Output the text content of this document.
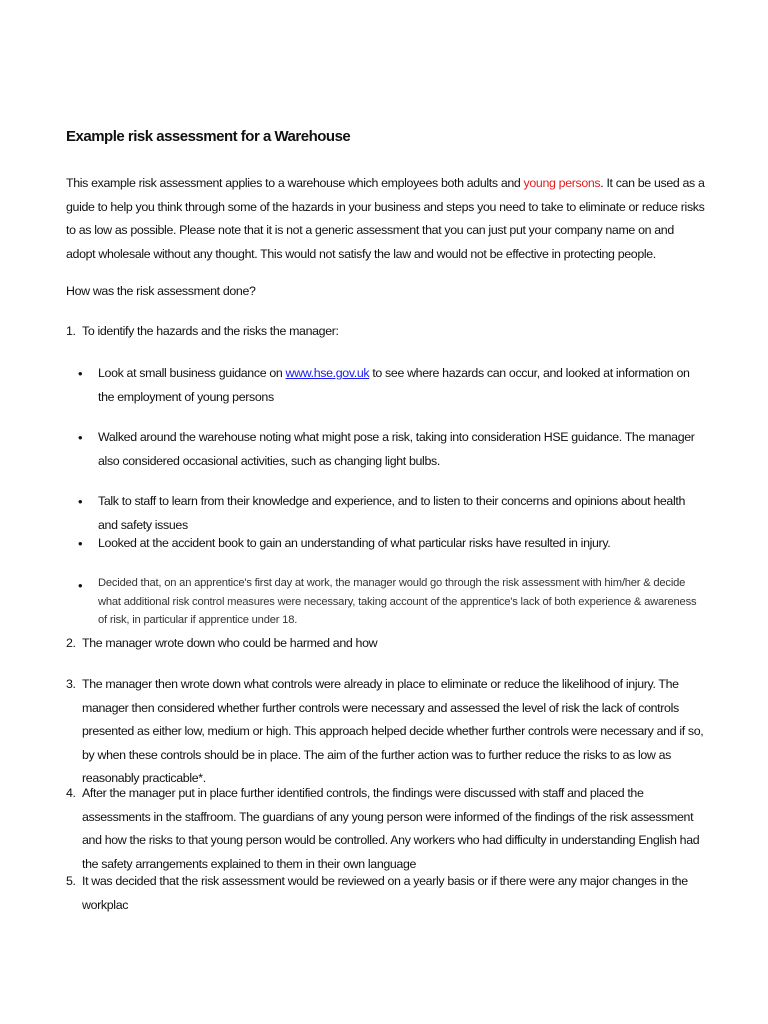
Example risk assessment for a Warehouse
This example risk assessment applies to a warehouse which employees both adults and young persons. It can be used as a guide to help you think through some of the hazards in your business and steps you need to take to eliminate or reduce risks to as low as possible. Please note that it is not a generic assessment that you can just put your company name on and adopt wholesale without any thought. This would not satisfy the law and would not be effective in protecting people.
How was the risk assessment done?
1. To identify the hazards and the risks the manager:
• Look at small business guidance on www.hse.gov.uk to see where hazards can occur, and looked at information on the employment of young persons
• Walked around the warehouse noting what might pose a risk, taking into consideration HSE guidance. The manager also considered occasional activities, such as changing light bulbs.
• Talk to staff to learn from their knowledge and experience, and to listen to their concerns and opinions about health and safety issues
• Looked at the accident book to gain an understanding of what particular risks have resulted in injury.
• Decided that, on an apprentice's first day at work, the manager would go through the risk assessment with him/her & decide what additional risk control measures were necessary, taking account of the apprentice's lack of both experience & awareness of risk, in particular if apprentice under 18.
2. The manager wrote down who could be harmed and how
3. The manager then wrote down what controls were already in place to eliminate or reduce the likelihood of injury. The manager then considered whether further controls were necessary and assessed the level of risk the lack of controls presented as either low, medium or high. This approach helped decide whether further controls were necessary and if so, by when these controls should be in place. The aim of the further action was to further reduce the risks to as low as reasonably practicable*.
4. After the manager put in place further identified controls, the findings were discussed with staff and placed the assessments in the staffroom. The guardians of any young person were informed of the findings of the risk assessment and how the risks to that young person would be controlled. Any workers who had difficulty in understanding English had the safety arrangements explained to them in their own language
5. It was decided that the risk assessment would be reviewed on a yearly basis or if there were any major changes in the workplac
